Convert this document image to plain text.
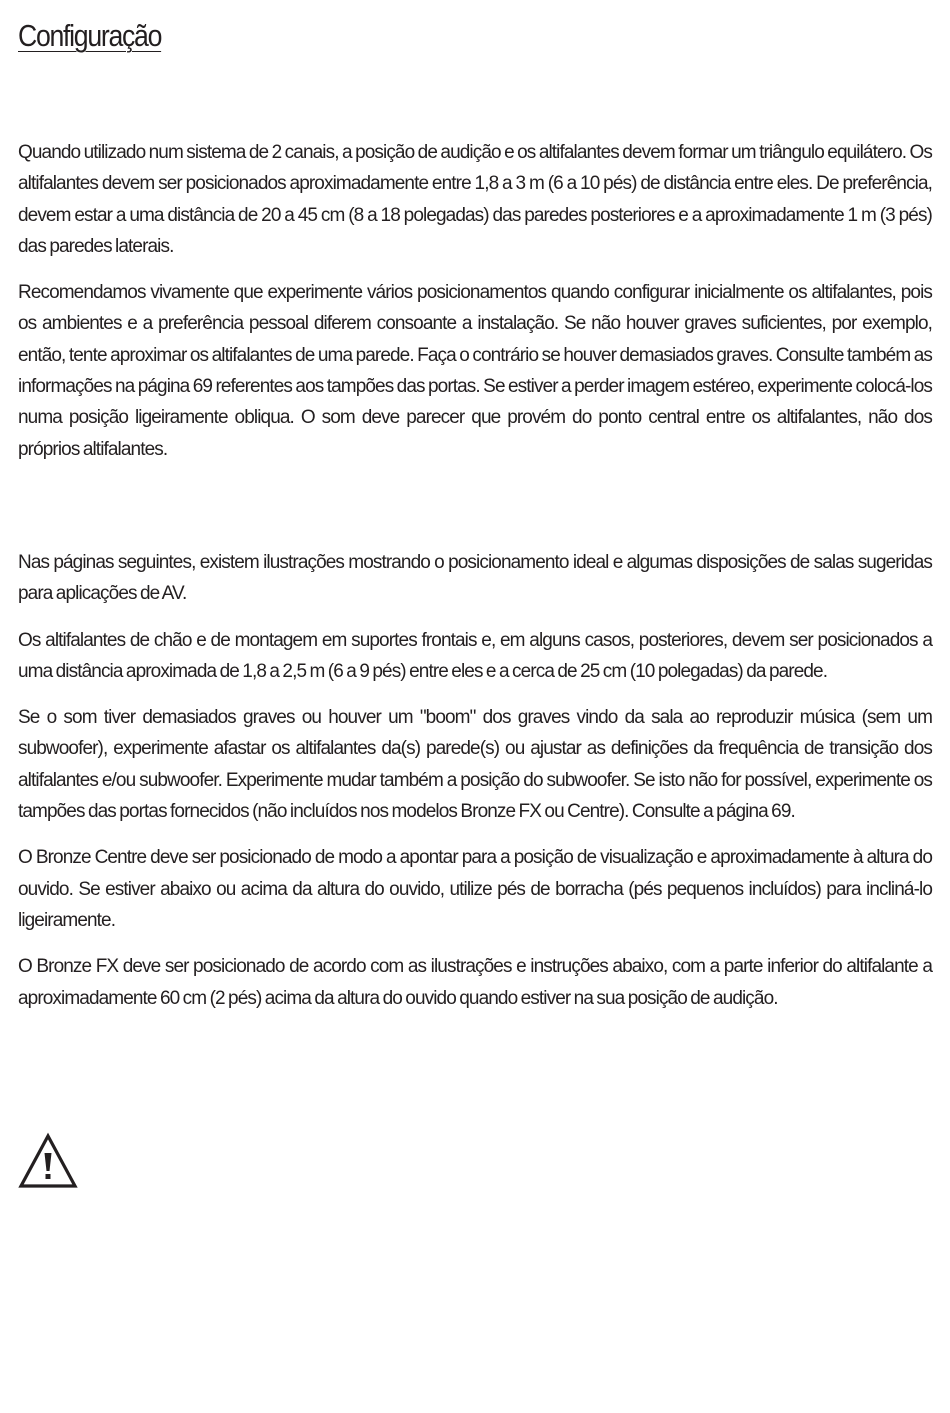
Configuração

Quando utilizado num sistema de 2 canais, a posição de audição e os altifalantes devem formar um triângulo equilátero. Os altifalantes devem ser posicionados aproximadamente entre 1,8 a 3 m (6 a 10 pés) de distância entre eles. De preferência, devem estar a uma distância de 20 a 45 cm (8 a 18 polegadas) das paredes posteriores e a aproximadamente 1 m (3 pés) das paredes laterais.

Recomendamos vivamente que experimente vários posicionamentos quando configurar inicialmente os altifalantes, pois os ambientes e a preferência pessoal diferem consoante a instalação. Se não houver graves suficientes, por exemplo, então, tente aproximar os altifalantes de uma parede. Faça o contrário se houver demasiados graves. Consulte também as informações na página 69 referentes aos tampões das portas. Se estiver a perder imagem estéreo, experimente colocá-los numa posição ligeiramente obliqua. O som deve parecer que provém do ponto central entre os altifalantes, não dos próprios altifalantes.

Nas páginas seguintes, existem ilustrações mostrando o posicionamento ideal e algumas disposições de salas sugeridas para aplicações de AV.

Os altifalantes de chão e de montagem em suportes frontais e, em alguns casos, posteriores, devem ser posicionados a uma distância aproximada de 1,8 a 2,5 m (6 a 9 pés) entre eles e a cerca de 25 cm (10 polegadas) da parede.

Se o som tiver demasiados graves ou houver um "boom" dos graves vindo da sala ao reproduzir música (sem um subwoofer), experimente afastar os altifalantes da(s) parede(s) ou ajustar as definições da frequência de transição dos altifalantes e/ou subwoofer. Experimente mudar também a posição do subwoofer. Se isto não for possível, experimente os tampões das portas fornecidos (não incluídos nos modelos Bronze FX ou Centre). Consulte a página 69.

O Bronze Centre deve ser posicionado de modo a apontar para a posição de visualização e aproximadamente à altura do ouvido. Se estiver abaixo ou acima da altura do ouvido, utilize pés de borracha (pés pequenos incluídos) para incliná-lo ligeiramente.

O Bronze FX deve ser posicionado de acordo com as ilustrações e instruções abaixo, com a parte inferior do altifalante a aproximadamente 60 cm (2 pés) acima da altura do ouvido quando estiver na sua posição de audição.
